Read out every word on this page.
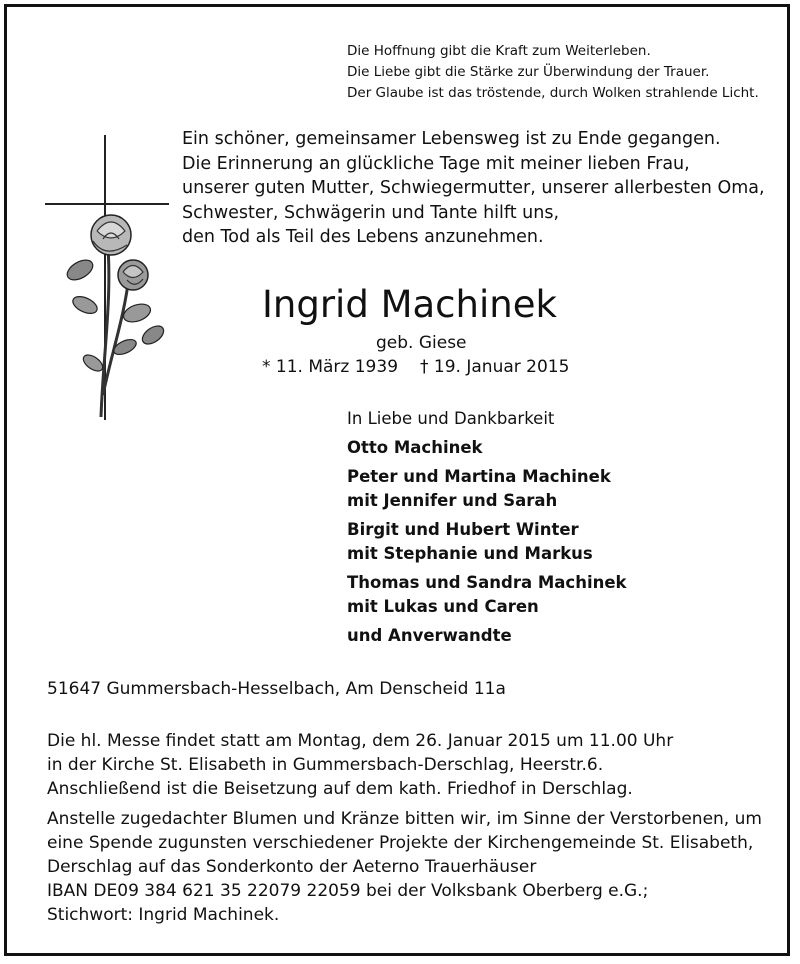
Die Hoffnung gibt die Kraft zum Weiterleben.
Die Liebe gibt die Stärke zur Überwindung der Trauer.
Der Glaube ist das tröstende, durch Wolken strahlende Licht.
Ein schöner, gemeinsamer Lebensweg ist zu Ende gegangen.
Die Erinnerung an glückliche Tage mit meiner lieben Frau,
unserer guten Mutter, Schwiegermutter, unserer allerbesten Oma,
Schwester, Schwägerin und Tante hilft uns,
den Tod als Teil des Lebens anzunehmen.
Ingrid Machinek
geb. Giese
* 11. März 1939 † 19. Januar 2015
In Liebe und Dankbarkeit
Otto Machinek
Peter und Martina Machinek
mit Jennifer und Sarah
Birgit und Hubert Winter
mit Stephanie und Markus
Thomas und Sandra Machinek
mit Lukas und Caren
und Anverwandte
51647 Gummersbach-Hesselbach, Am Denscheid 11a
Die hl. Messe findet statt am Montag, dem 26. Januar 2015 um 11.00 Uhr
in der Kirche St. Elisabeth in Gummersbach-Derschlag, Heerstr.6.
Anschließend ist die Beisetzung auf dem kath. Friedhof in Derschlag.
Anstelle zugedachter Blumen und Kränze bitten wir, im Sinne der Verstorbenen, um
eine Spende zugunsten verschiedener Projekte der Kirchengemeinde St. Elisabeth,
Derschlag auf das Sonderkonto der Aeterno Trauerhäuser
IBAN DE09 384 621 35 22079 22059 bei der Volksbank Oberberg e.G.;
Stichwort: Ingrid Machinek.
